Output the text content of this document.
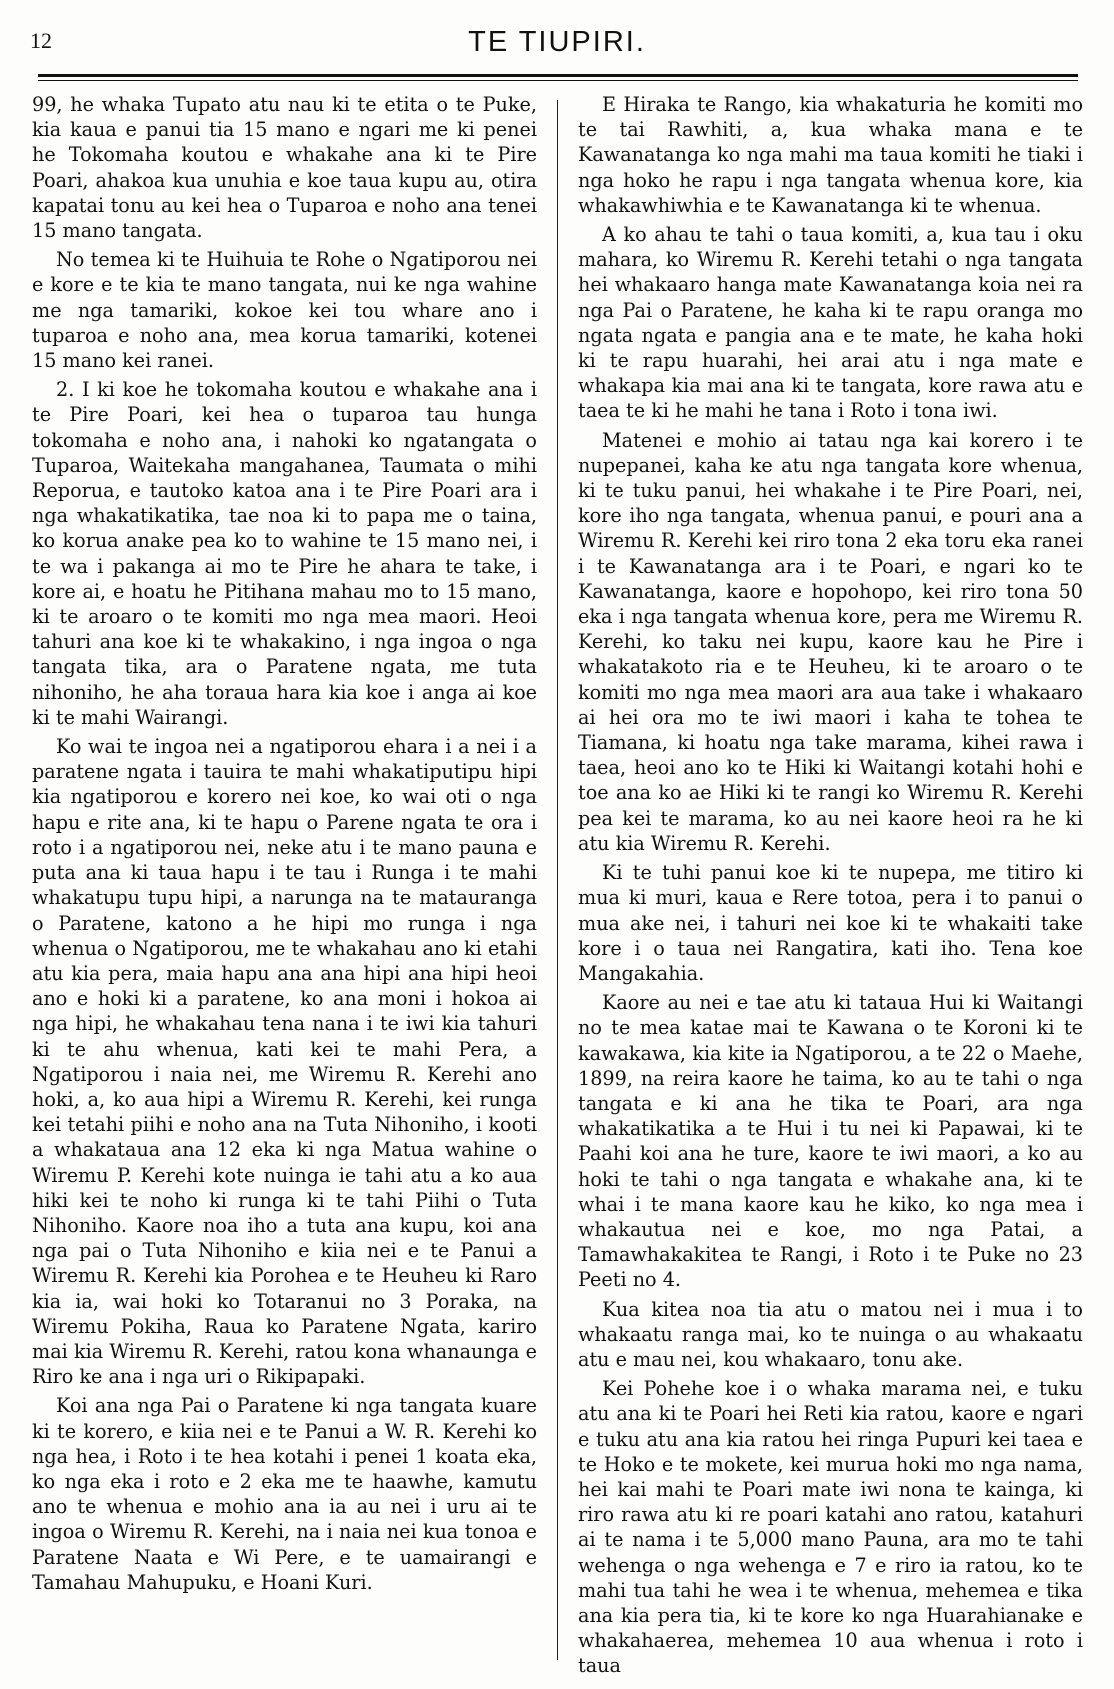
12	TE TIUPIRI.

99, he whaka Tupato atu nau ki te etita o te Puke, kia kaua e panui tia 15 mano e ngari me ki penei he Tokomaha koutou e whakahe ana ki te Pire Poari, ahakoa kua unuhia e koe taua kupu au, otira kapatai tonu au kei hea o Tuparoa e noho ana tenei 15 mano tangata.

No temea ki te Huihuia te Rohe o Ngatiporou nei e kore e te kia te mano tangata, nui ke nga wahine me nga tamariki, kokoe kei tou whare ano i tuparoa e noho ana, mea korua tamariki, kotenei 15 mano kei ranei.

2. I ki koe he tokomaha koutou e whakahe ana i te Pire Poari, kei hea o tuparoa tau hunga tokomaha e noho ana, i nahoki ko ngatangata o Tuparoa, Waitekaha mangahanea, Taumata o mihi Reporua, e tautoko katoa ana i te Pire Poari ara i nga whakatikatika, tae noa ki to papa me o taina, ko korua anake pea ko to wahine te 15 mano nei, i te wa i pakanga ai mo te Pire he ahara te take, i kore ai, e hoatu he Pitihana mahau mo to 15 mano, ki te aroaro o te komiti mo nga mea maori. Heoi tahuri ana koe ki te whakakino, i nga ingoa o nga tangata tika, ara o Paratene ngata, me tuta nihoniho, he aha torauа hara kia koe i anga ai koe ki te mahi Wairangi.

Ko wai te ingoa nei a ngatiporou ehara i a nei i a paratene ngata i tauira te mahi whakatiputipu hipi kia ngatiporou e korero nei koe, ko wai oti o nga hapu e rite ana, ki te hapu o Parene ngata te ora i roto i a ngatiporou nei, neke atu i te mano pauna e puta ana ki taua hapu i te tau i Runga i te mahi whakatupu tupu hipi, a narunga na te matauranga o Paratene, katono a he hipi mo runga i nga whenua o Ngatiporou, me te whakahau ano ki etahi atu kia pera, maia hapu ana ana hipi ana hipi heoi ano e hoki ki a paratene, ko ana moni i hokoa ai nga hipi, he whakahau tena nana i te iwi kia tahuri ki te ahu whenua, kati kei te mahi Pera, a Ngatiporou i naia nei, me Wiremu R. Kerehi ano hoki, a, ko aua hipi a Wiremu R. Kerehi, kei runga kei tetahi piihi e noho ana na Tuta Nihoniho, i kooti a whakataua ana 12 eka ki nga Matua wahine o Wiremu P. Kerehi kote nuinga ie tahi atu a ko aua hiki kei te noho ki runga ki te tahi Piihi o Tuta Nihoniho. Kaore noa iho a tuta ana kupu, koi ana nga pai o Tuta Nihoniho e kiia nei e te Panui a Wiremu R. Kerehi kia Porohea e te Heuheu ki Raro kia ia, wai hoki ko Totaranui no 3 Poraka, na Wiremu Pokiha, Raua ko Paratene Ngata, kariro mai kia Wiremu R. Kerehi, ratou kona whanaunga e Riro ke ana i nga uri o Rikipapaki.

Koi ana nga Pai o Paratene ki nga tangata kuare ki te korero, e kiia nei e te Panui a W. R. Kerehi ko nga hea, i Roto i te hea kotahi i penei 1 koata eka, ko nga eka i roto e 2 eka me te haawhe, kamutu ano te whenua e mohio ana ia au nei i uru ai te ingoa o Wiremu R. Kerehi, na i naia nei kua tonoa e Paratene Naata e Wi Pere, e te uamairangi e Tamahau Mahupuku, e Hoani Kuri.

E Hiraka te Rango, kia whakaturia he komiti mo te tai Rawhiti, a, kua whaka mana e te Kawanatanga ko nga mahi ma taua komiti he tiaki i nga hoko he rapu i nga tangata whenua kore, kia whakawhiwhia e te Kawanatanga ki te whenua.

A ko ahau te tahi o taua komiti, a, kua tau i oku mahara, ko Wiremu R. Kerehi tetahi o nga tangata hei whakaaro hanga mate Kawanatanga koia nei ra nga Pai o Paratene, he kaha ki te rapu oranga mo ngata ngata e pangia ana e te mate, he kaha hoki ki te rapu huarahi, hei arai atu i nga mate e whakapa kia mai ana ki te tangata, kore rawa atu e taea te ki he mahi he tana i Roto i tona iwi.

Matenei e mohio ai tatau nga kai korero i te nupepanei, kaha ke atu nga tangata kore whenua, ki te tuku panui, hei whakahe i te Pire Poari, nei, kore iho nga tangata, whenua panui, e pouri ana a Wiremu R. Kerehi kei riro tona 2 eka toru eka ranei i te Kawanatanga ara i te Poari, e ngari ko te Kawanatanga, kaore e hopohopo, kei riro tona 50 eka i nga tangata whenua kore, pera me Wiremu R. Kerehi, ko taku nei kupu, kaore kau he Pire i whakatakoto ria e te Heuheu, ki te aroaro o te komiti mo nga mea maori ara aua take i whakaaro ai hei ora mo te iwi maori i kaha te tohea te Tiamana, ki hoatu nga take marama, kihei rawa i taea, heoi ano ko te Hiki ki Waitangi kotahi hohi e toe ana ko ae Hiki ki te rangi ko Wiremu R. Kerehi pea kei te marama, ko au nei kaore heoi ra he ki atu kia Wiremu R. Kerehi.

Ki te tuhi panui koe ki te nupepa, me titiro ki mua ki muri, kaua e Rere totoa, pera i to panui o mua ake nei, i tahuri nei koe ki te whakaiti take kore i o taua nei Rangatira, kati iho. Tena koe Mangakahia.

Kaore au nei e tae atu ki tataua Hui ki Waitangi no te mea katae mai te Kawana o te Koroni ki te kawakawa, kia kite ia Ngatiporou, a te 22 o Maehe, 1899, na reira kaore he taima, ko au te tahi o nga tangata e ki ana he tika te Poari, ara nga whakatikatika a te Hui i tu nei ki Papawai, ki te Paahi koi ana he ture, kaore te iwi maori, a ko au hoki te tahi o nga tangata e whakahe ana, ki te whai i te mana kaore kau he kiko, ko nga mea i whakautua nei e koe, mo nga Patai, a Tamawhakakitea te Rangi, i Roto i te Puke no 23 Peeti no 4.

Kua kitea noa tia atu o matou nei i mua i to whakaatu ranga mai, ko te nuinga o au whakaatu atu e mau nei, kou whakaaro, tonu ake.

Kei Pohehe koe i o whaka marama nei, e tuku atu ana ki te Poari hei Reti kia ratou, kaore e ngari e tuku atu ana kia ratou hei ringa Pupuri kei taea e te Hoko e te mokete, kei murua hoki mo nga nama, hei kai mahi te Poari mate iwi nona te kainga, ki riro rawa atu ki re poari katahi ano ratou, katahuri ai te nama i te 5,000 mano Pauna, ara mo te tahi wehenga o nga wehenga e 7 e riro ia ratou, ko te mahi tua tahi he wea i te whenua, mehemea e tika ana kia pera tia, ki te kore ko nga Huarahianake e whakahaerea, mehemea 10 aua whenua i roto i taua
